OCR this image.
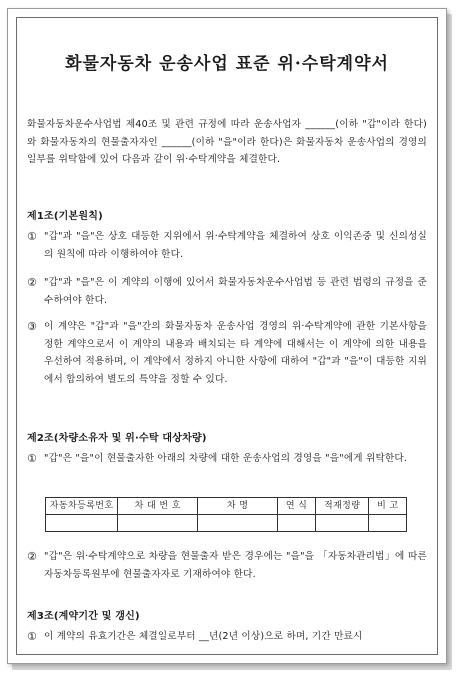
화물자동차 운송사업 표준 위·수탁계약서
화물자동차운수사업법 제40조 및 관련 규정에 따라 운송사업자 ______(이하 "갑"이라 한다)와 화물자동차의 현물출자자인 ______(이하 "을"이라 한다)은 화물자동차 운송사업의 경영의 일부를 위탁함에 있어 다음과 같이 위·수탁계약을 체결한다.
제1조(기본원칙)
① "갑"과 "을"은 상호 대등한 지위에서 위·수탁계약을 체결하여 상호 이익존중 및 신의성실의 원칙에 따라 이행하여야 한다.
② "갑"과 "을"은 이 계약의 이행에 있어서 화물자동차운수사업법 등 관련 법령의 규정을 준수하여야 한다.
③ 이 계약은 "갑"과 "을"간의 화물자동차 운송사업 경영의 위·수탁계약에 관한 기본사항을 정한 계약으로서 이 계약의 내용과 배치되는 타 계약에 대해서는 이 계약에 의한 내용을 우선하여 적용하며, 이 계약에서 정하지 아니한 사항에 대하여 "갑"과 "을"이 대등한 지위에서 합의하여 별도의 특약을 정할 수 있다.
제2조(차량소유자 및 위·수탁 대상차량)
① "갑"은 "을"이 현물출자한 아래의 차량에 대한 운송사업의 경영을 "을"에게 위탁한다.
자동차등록번호	차 대 번 호	차 명	연 식	적재정량	비 고

② "갑"은 위·수탁계약으로 차량을 현물출자 받은 경우에는 "을"을 「자동차관리법」에 따른 자동차등록원부에 현물출자자로 기재하여야 한다.
제3조(계약기간 및 갱신)
① 이 계약의 유효기간은 체결일로부터 __년(2년 이상)으로 하며, 기간 만료시
